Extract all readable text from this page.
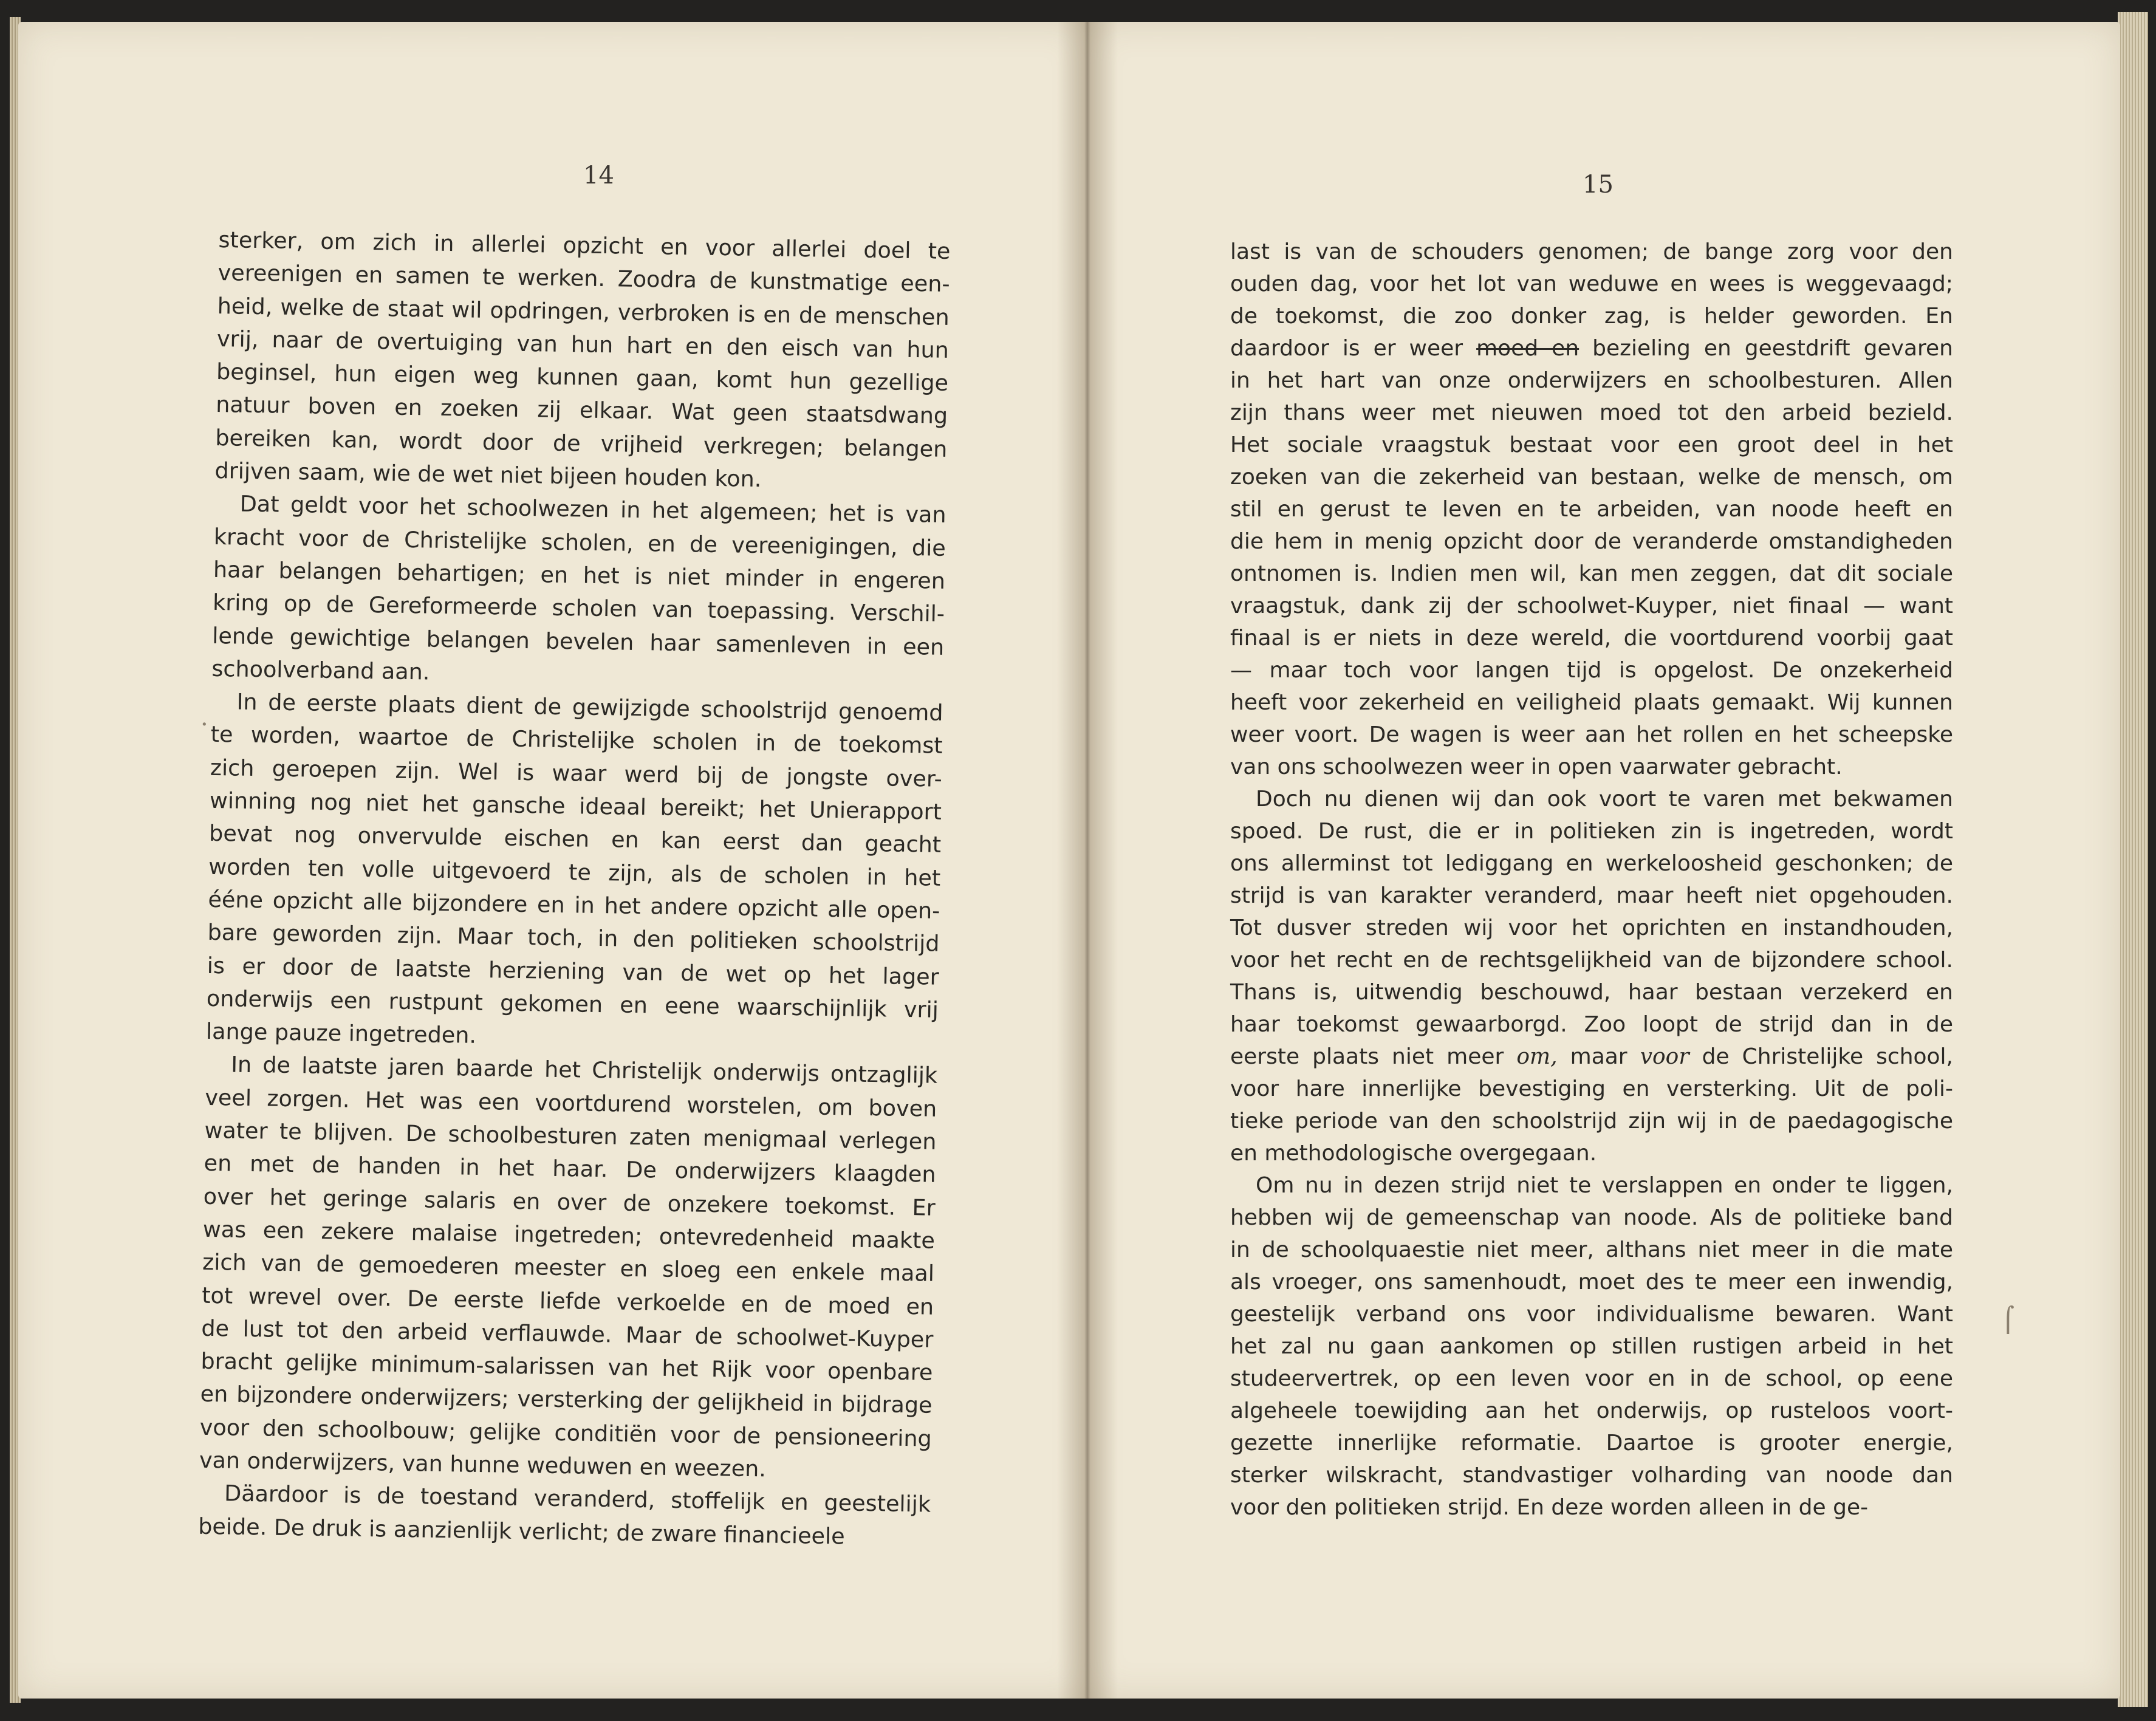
14	15
sterker, om zich in allerlei opzicht en voor allerlei doel te
vereenigen en samen te werken. Zoodra de kunstmatige een-
heid, welke de staat wil opdringen, verbroken is en de menschen
vrij, naar de overtuiging van hun hart en den eisch van hun
beginsel, hun eigen weg kunnen gaan, komt hun gezellige
natuur boven en zoeken zij elkaar. Wat geen staatsdwang
bereiken kan, wordt door de vrijheid verkregen; belangen
drijven saam, wie de wet niet bijeen houden kon.
Dat geldt voor het schoolwezen in het algemeen; het is van
kracht voor de Christelijke scholen, en de vereenigingen, die
haar belangen behartigen; en het is niet minder in engeren
kring op de Gereformeerde scholen van toepassing. Verschil-
lende gewichtige belangen bevelen haar samenleven in een
schoolverband aan.
In de eerste plaats dient de gewijzigde schoolstrijd genoemd
te worden, waartoe de Christelijke scholen in de toekomst
zich geroepen zijn. Wel is waar werd bij de jongste over-
winning nog niet het gansche ideaal bereikt; het Unierapport
bevat nog onvervulde eischen en kan eerst dan geacht
worden ten volle uitgevoerd te zijn, als de scholen in het
éénе opzicht alle bijzondere en in het andere opzicht alle open-
bare geworden zijn. Maar toch, in den politieken schoolstrijd
is er door de laatste herziening van de wet op het lager
onderwijs een rustpunt gekomen en eene waarschijnlijk vrij
lange pauze ingetreden.
In de laatste jaren baarde het Christelijk onderwijs ontzaglijk
veel zorgen. Het was een voortdurend worstelen, om boven
water te blijven. De schoolbesturen zaten menigmaal verlegen
en met de handen in het haar. De onderwijzers klaagden
over het geringe salaris en over de onzekere toekomst. Er
was een zekere malaise ingetreden; ontevredenheid maakte
zich van de gemoederen meester en sloeg een enkele maal
tot wrevel over. De eerste liefde verkoelde en de moed en
de lust tot den arbeid verflauwde. Maar de schoolwet-Kuyper
bracht gelijke minimum-salarissen van het Rijk voor openbare
en bijzondere onderwijzers; versterking der gelijkheid in bijdrage
voor den schoolbouw; gelijke conditiën voor de pensioneering
van onderwijzers, van hunne weduwen en weezen.
Däardoor is de toestand veranderd, stoffelijk en geestelijk
beide. De druk is aanzienlijk verlicht; de zware financieele
last is van de schouders genomen; de bange zorg voor den
ouden dag, voor het lot van weduwe en wees is weggevaagd;
de toekomst, die zoo donker zag, is helder geworden. En
daardoor is er weer moed en bezieling en geestdrift gevaren
in het hart van onze onderwijzers en schoolbesturen. Allen
zijn thans weer met nieuwen moed tot den arbeid bezield.
Het sociale vraagstuk bestaat voor een groot deel in het
zoeken van die zekerheid van bestaan, welke de mensch, om
stil en gerust te leven en te arbeiden, van noode heeft en
die hem in menig opzicht door de veranderde omstandigheden
ontnomen is. Indien men wil, kan men zeggen, dat dit sociale
vraagstuk, dank zij der schoolwet-Kuyper, niet finaal — want
finaal is er niets in deze wereld, die voortdurend voorbij gaat
— maar toch voor langen tijd is opgelost. De onzekerheid
heeft voor zekerheid en veiligheid plaats gemaakt. Wij kunnen
weer voort. De wagen is weer aan het rollen en het scheepske
van ons schoolwezen weer in open vaarwater gebracht.
Doch nu dienen wij dan ook voort te varen met bekwamen
spoed. De rust, die er in politieken zin is ingetreden, wordt
ons allerminst tot lediggang en werkeloosheid geschonken; de
strijd is van karakter veranderd, maar heeft niet opgehouden.
Tot dusver streden wij voor het oprichten en instandhouden,
voor het recht en de rechtsgelijkheid van de bijzondere school.
Thans is, uitwendig beschouwd, haar bestaan verzekerd en
haar toekomst gewaarborgd. Zoo loopt de strijd dan in de
eerste plaats niet meer om, maar voor de Christelijke school,
voor hare innerlijke bevestiging en versterking. Uit de poli-
tieke periode van den schoolstrijd zijn wij in de paedagogische
en methodologische overgegaan.
Om nu in dezen strijd niet te verslappen en onder te liggen,
hebben wij de gemeenschap van noode. Als de politieke band
in de schoolquaestie niet meer, althans niet meer in die mate
als vroeger, ons samenhoudt, moet des te meer een inwendig,
geestelijk verband ons voor individualisme bewaren. Want
het zal nu gaan aankomen op stillen rustigen arbeid in het
studeervertrek, op een leven voor en in de school, op eene
algeheele toewijding aan het onderwijs, op rusteloos voort-
gezette innerlijke reformatie. Daartoe is grooter energie,
sterker wilskracht, standvastiger volharding van noode dan
voor den politieken strijd. En deze worden alleen in de ge-
·
⌠
